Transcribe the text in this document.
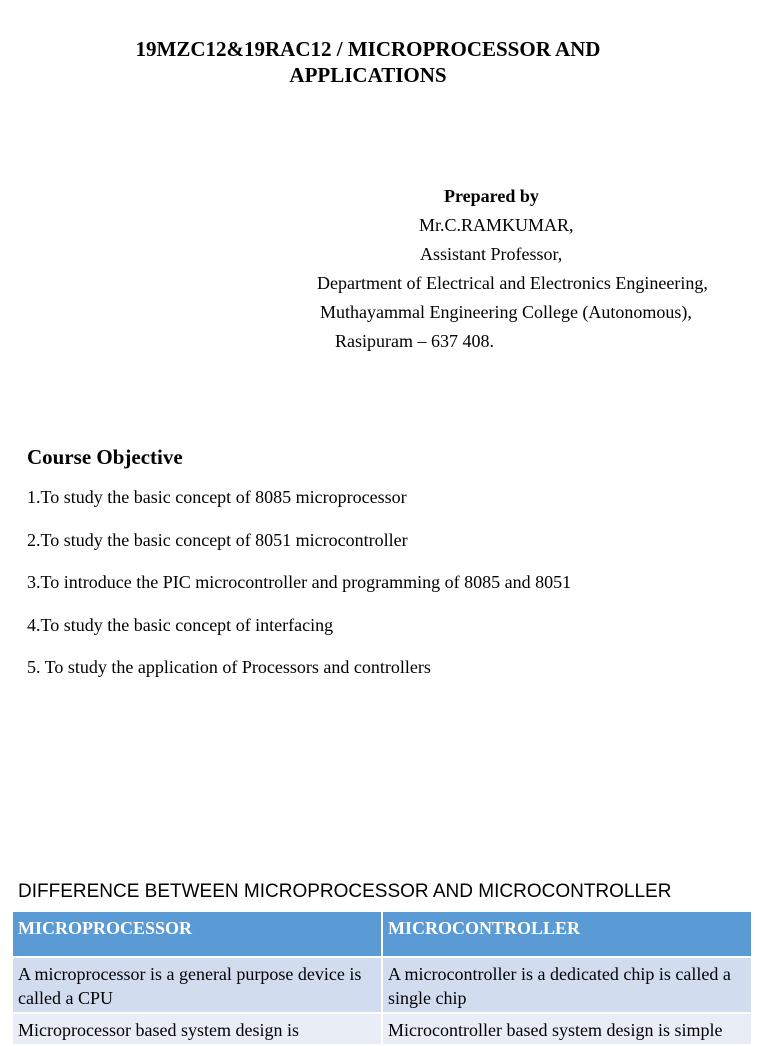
19MZC12&19RAC12 / MICROPROCESSOR AND
APPLICATIONS
Prepared by
Mr.C.RAMKUMAR,
Assistant Professor,
Department of Electrical and Electronics Engineering,
Muthayammal Engineering College (Autonomous),
Rasipuram – 637 408.
Course Objective
1.To study the basic concept of 8085 microprocessor
2.To study the basic concept of 8051 microcontroller
3.To introduce the PIC microcontroller and programming of 8085 and 8051
4.To study the basic concept of interfacing
5. To study the application of Processors and controllers
DIFFERENCE BETWEEN MICROPROCESSOR AND MICROCONTROLLER
MICROPROCESSOR	MICROCONTROLLER
A microprocessor is a general purpose device is called a CPU	A microcontroller is a dedicated chip is called a single chip
Microprocessor based system design is	Microcontroller based system design is simple
